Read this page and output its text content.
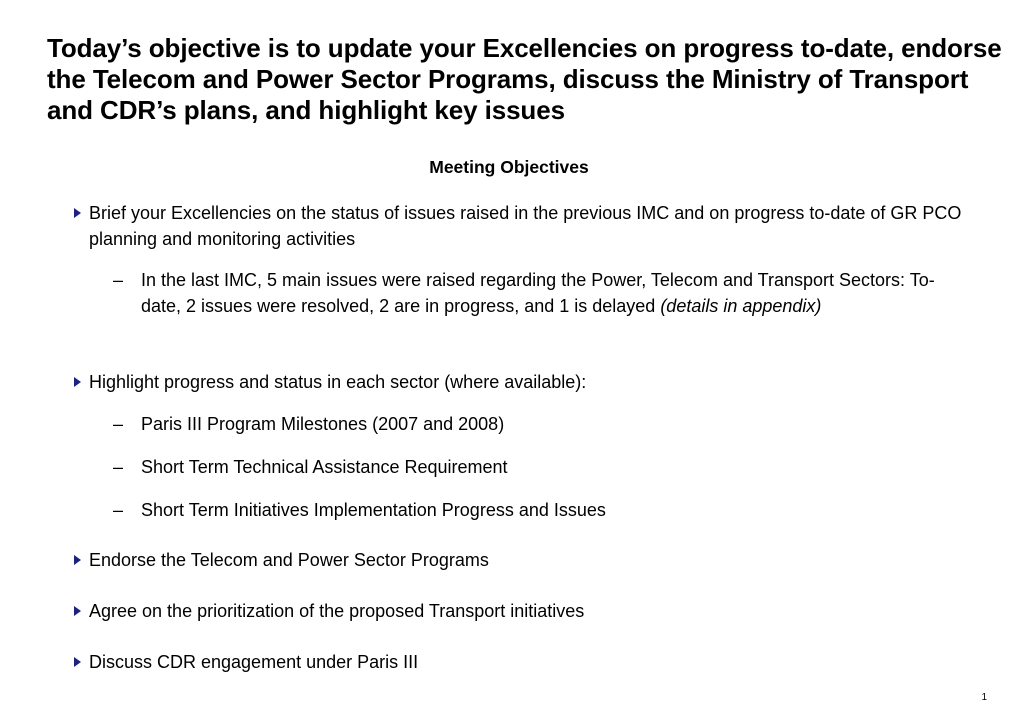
Today’s objective is to update your Excellencies on progress to-date, endorse the Telecom and Power Sector Programs, discuss the Ministry of Transport and CDR’s plans, and highlight key issues
Meeting Objectives
Brief your Excellencies on the status of issues raised in the previous IMC and on progress to-date of GR PCO planning and monitoring activities
– In the last IMC, 5 main issues were raised regarding the Power, Telecom and Transport Sectors: To-date, 2 issues were resolved, 2 are in progress, and 1 is delayed (details in appendix)
Highlight progress and status in each sector (where available):
– Paris III Program Milestones (2007 and 2008)
– Short Term Technical Assistance Requirement
– Short Term Initiatives Implementation Progress and Issues
Endorse the Telecom and Power Sector Programs
Agree on the prioritization of the proposed Transport initiatives
Discuss CDR engagement under Paris III
1
